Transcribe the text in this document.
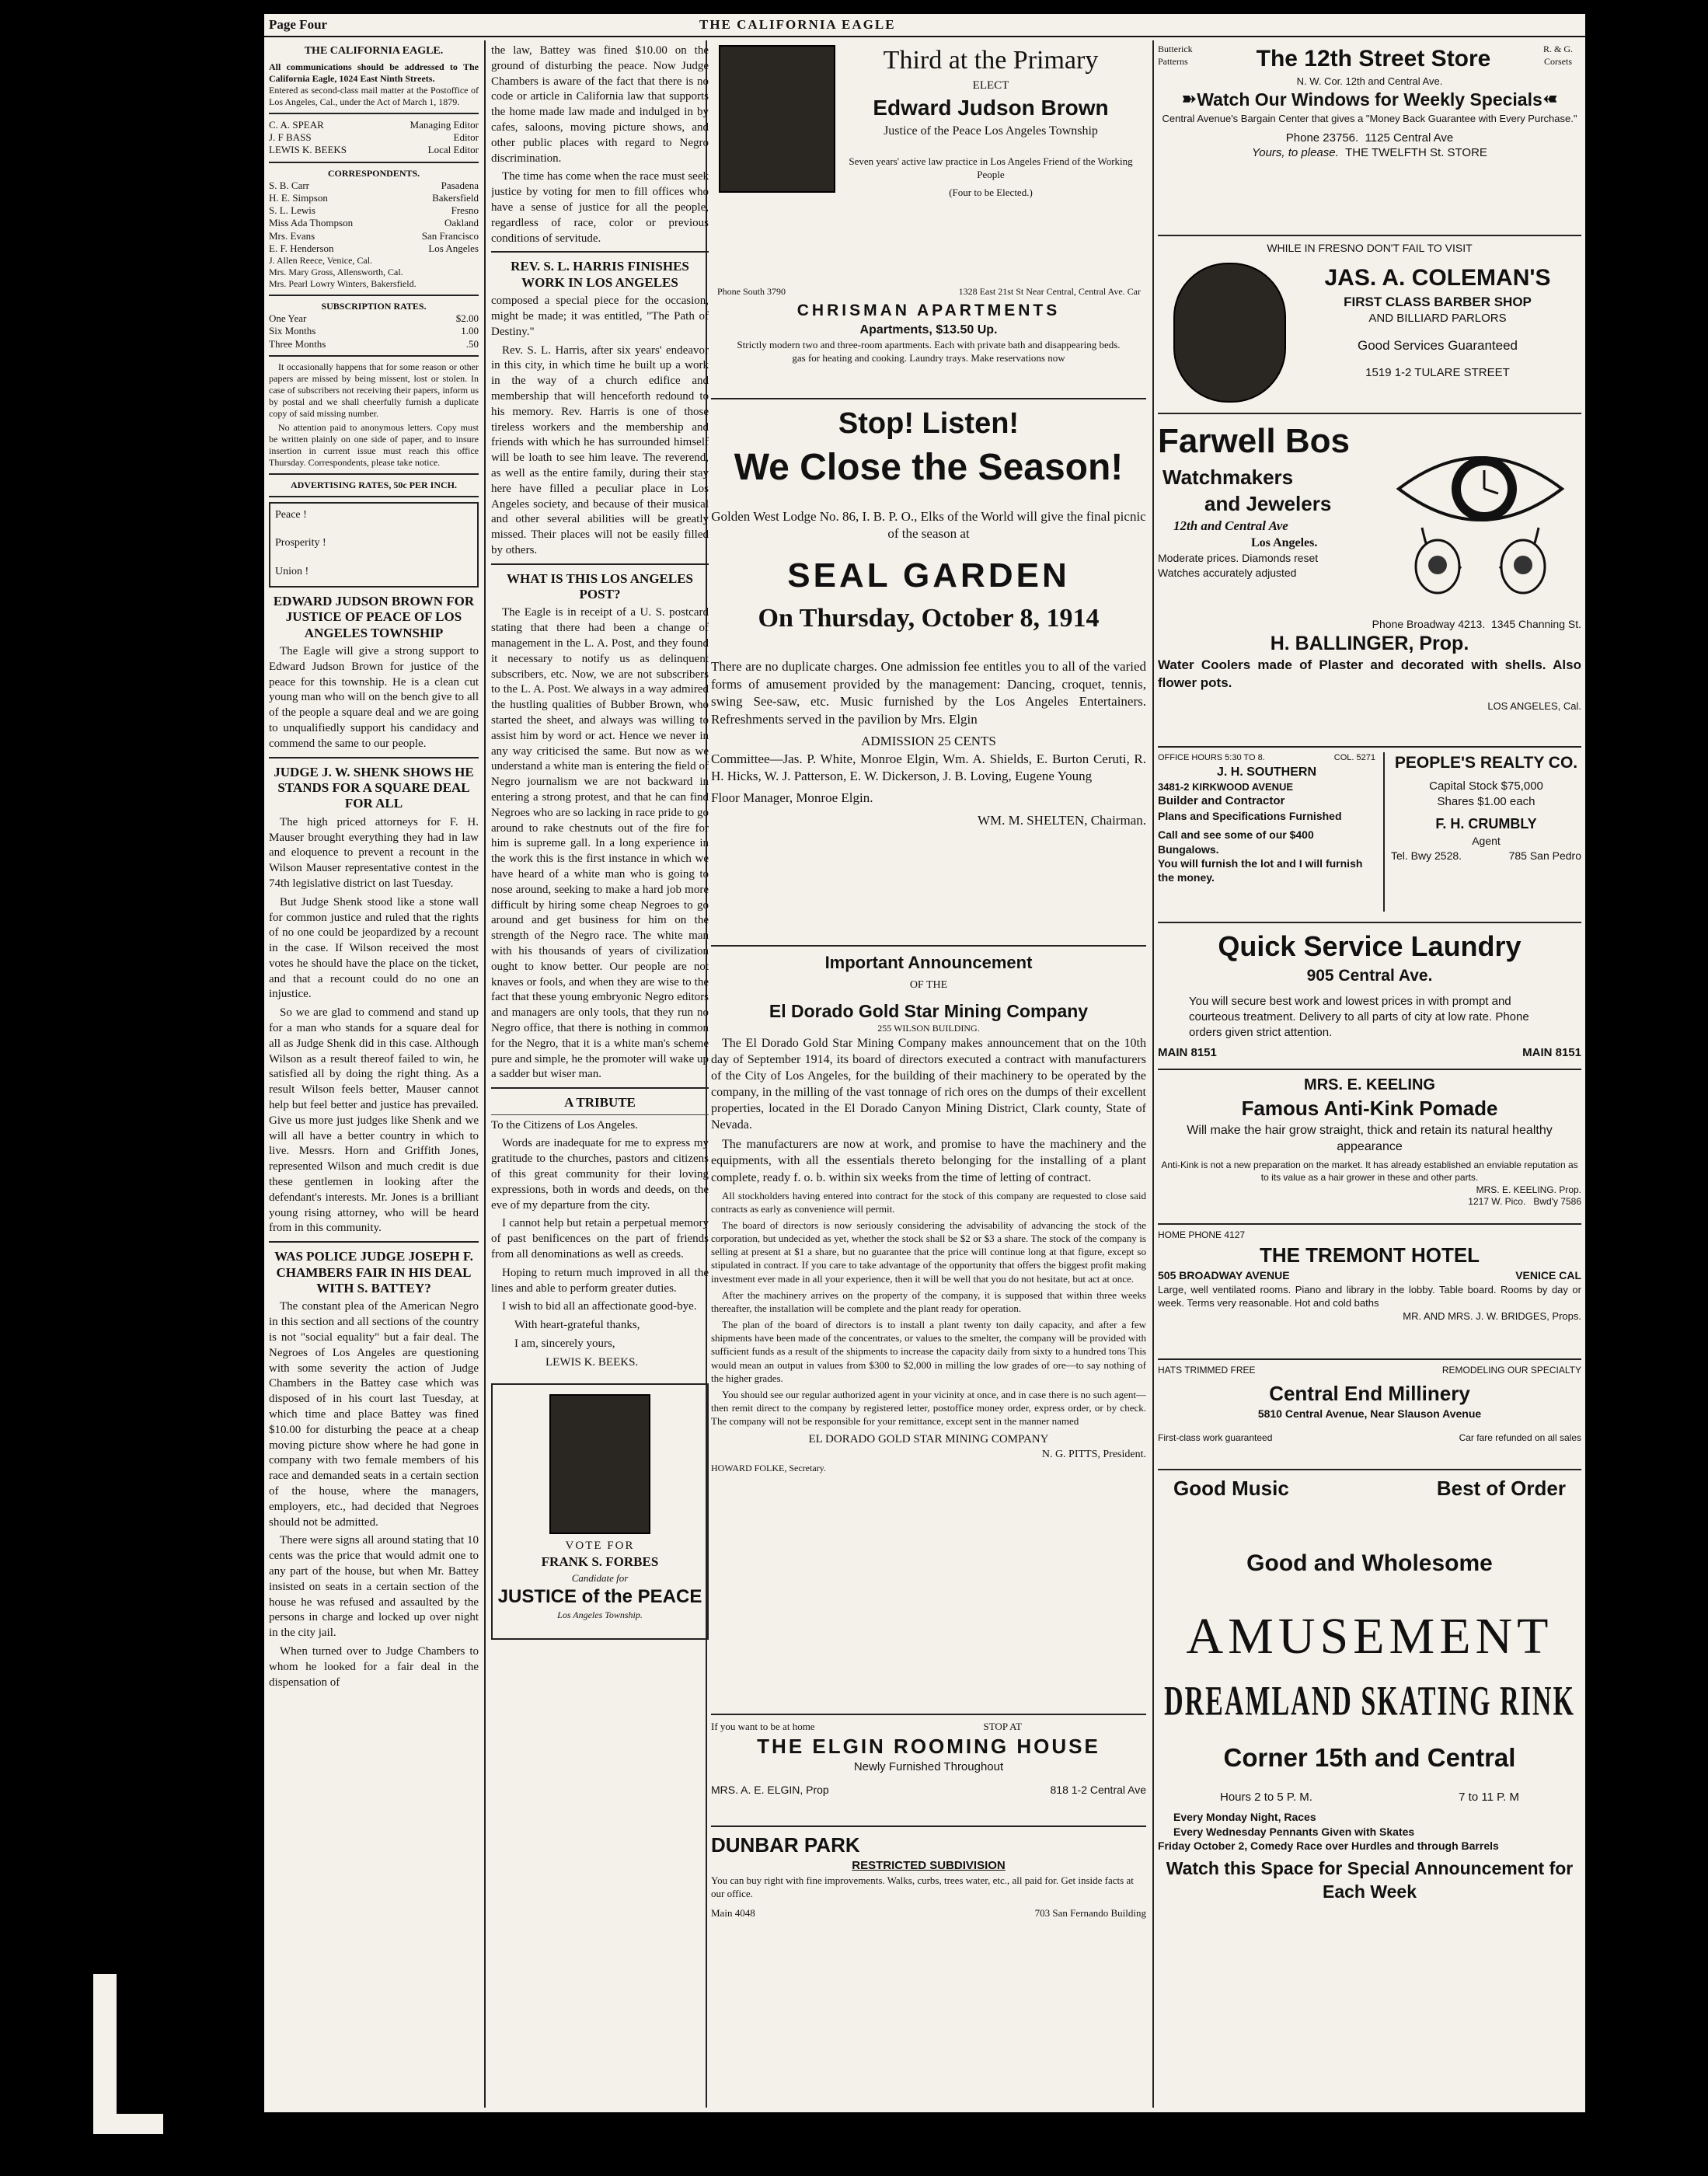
Page Four	THE CALIFORNIA EAGLE
THE CALIFORNIA EAGLE.
All communications should be addressed to The California Eagle, 1024 East Ninth Streets.
Entered as second-class mail matter at the Postoffice of Los Angeles, Cal., under the Act of March 1, 1879.
C. A. SPEAR	Managing Editor
J. F BASS	Editor
LEWIS K. BEEKS	Local Editor
CORRESPONDENTS.
S. B. Carr	Pasadena
H. E. Simpson	Bakersfield
S. L. Lewis	Fresno
Miss Ada Thompson	Oakland
Mrs. Evans	San Francisco
E. F. Henderson	Los Angeles
J. Allen Reece, Venice, Cal.
Mrs. Mary Gross, Allensworth, Cal.
Mrs. Pearl Lowry Winters, Bakersfield.
SUBSCRIPTION RATES.
One Year	$2.00
Six Months	1.00
Three Months	.50
It occasionally happens that for some reason or other papers are missed by being missent, lost or stolen. In case of subscribers not receiving their papers, inform us by postal and we shall cheerfully furnish a duplicate copy of said missing number.
No attention paid to anonymous letters. Copy must be written plainly on one side of paper, and to insure insertion in current issue must reach this office Thursday. Correspondents, please take notice.
ADVERTISING RATES, 50c PER INCH.
Peace !
Prosperity !
Union !
EDWARD JUDSON BROWN FOR JUSTICE OF PEACE OF LOS ANGELES TOWNSHIP

The Eagle will give a strong support to Edward Judson Brown for justice of the peace for this township. He is a clean cut young man who will on the bench give to all of the people a square deal and we are going to unqualifiedly support his candidacy and commend the same to our people.

JUDGE J. W. SHENK SHOWS HE STANDS FOR A SQUARE DEAL FOR ALL

The high priced attorneys for F. H. Mauser brought everything they had in law and eloquence to prevent a recount in the Wilson Mauser representative contest in the 74th legislative district on last Tuesday.

But Judge Shenk stood like a stone wall for common justice and ruled that the rights of no one could be jeopardized by a recount in the case. If Wilson received the most votes he should have the place on the ticket, and that a recount could do no one an injustice.

So we are glad to commend and stand up for a man who stands for a square deal for all as Judge Shenk did in this case. Although Wilson as a result thereof failed to win, he satisfied all by doing the right thing. As a result Wilson feels better, Mauser cannot help but feel better and justice has prevailed. Give us more just judges like Shenk and we will all have a better country in which to live. Messrs. Horn and Griffith Jones, represented Wilson and much credit is due these gentlemen in looking after the defendant's interests. Mr. Jones is a brilliant young rising attorney, who will be heard from in this community.

WAS POLICE JUDGE JOSEPH F. CHAMBERS FAIR IN HIS DEAL WITH S. BATTEY?

The constant plea of the American Negro in this section and all sections of the country is not "social equality" but a fair deal. The Negroes of Los Angeles are questioning with some severity the action of Judge Chambers in the Battey case which was disposed of in his court last Tuesday, at which time and place Battey was fined $10.00 for disturbing the peace at a cheap moving picture show where he had gone in company with two female members of his race and demanded seats in a certain section of the house, where the managers, employers, etc., had decided that Negroes should not be admitted.

There were signs all around stating that 10 cents was the price that would admit one to any part of the house, but when Mr. Battey insisted on seats in a certain section of the house he was refused and assaulted by the persons in charge and locked up over night in the city jail.

When turned over to Judge Chambers to whom he looked for a fair deal in the dispensation of

the law, Battey was fined $10.00 on the ground of disturbing the peace. Now Judge Chambers is aware of the fact that there is no code or article in California law that supports the home made law made and indulged in by cafes, saloons, moving picture shows, and other public places with regard to Negro discrimination.

The time has come when the race must seek justice by voting for men to fill offices who have a sense of justice for all the people, regardless of race, color or previous conditions of servitude.

REV. S. L. HARRIS FINISHES WORK IN LOS ANGELES

composed a special piece for the occasion, might be made; it was entitled, "The Path of Destiny."

Rev. S. L. Harris, after six years' endeavor in this city, in which time he built up a work in the way of a church edifice and membership that will henceforth redound to his memory. Rev. Harris is one of those tireless workers and the membership and friends with which he has surrounded himself will be loath to see him leave. The reverend, as well as the entire family, during their stay here have filled a peculiar place in Los Angeles society, and because of their musical and other several abilities will be greatly missed. Their places will not be easily filled by others.

WHAT IS THIS LOS ANGELES POST?

The Eagle is in receipt of a U. S. postcard stating that there had been a change of management in the L. A. Post, and they found it necessary to notify us as delinquent subscribers, etc. Now, we are not subscribers to the L. A. Post. We always in a way admired the hustling qualities of Bubber Brown, who started the sheet, and always was willing to assist him by word or act. Hence we never in any way criticised the same. But now as we understand a white man is entering the field of Negro journalism we are not backward in entering a strong protest, and that he can find Negroes who are so lacking in race pride to go around to rake chestnuts out of the fire for him is supreme gall. In a long experience in the work this is the first instance in which we have heard of a white man who is going to nose around, seeking to make a hard job more difficult by hiring some cheap Negroes to go around and get business for him on the strength of the Negro race. The white man with his thousands of years of civilization ought to know better. Our people are not knaves or fools, and when they are wise to the fact that these young embryonic Negro editors and managers are only tools, that they run no Negro office, that there is nothing in common for the Negro, that it is a white man's scheme pure and simple, he the promoter will wake up a sadder but wiser man.

A TRIBUTE

To the Citizens of Los Angeles.

Words are inadequate for me to express my gratitude to the churches, pastors and citizens of this great community for their loving expressions, both in words and deeds, on the eve of my departure from the city.

I cannot help but retain a perpetual memory of past benificences on the part of friends from all denominations as well as creeds.

Hoping to return much improved in all the lines and able to perform greater duties.

I wish to bid all an affectionate good-bye.

With heart-grateful thanks,

I am, sincerely yours,

LEWIS K. BEEKS.

VOTE FOR
FRANK S. FORBES
Candidate for
JUSTICE of the PEACE
Los Angeles Township.
Third at the Primary
ELECT
Edward Judson Brown
Justice of the Peace Los Angeles Township
Seven years' active law practice in Los Angeles Friend of the Working People
(Four to be Elected.)
Phone South 3790	1328 East 21st St Near Central, Central Ave. Car
CHRISMAN APARTMENTS
Apartments, $13.50 Up.
Strictly modern two and three-room apartments. Each with private bath and disappearing beds.
gas for heating and cooking. Laundry trays. Make reservations now
Stop! Listen!
We Close the Season!
Golden West Lodge No. 86, I. B. P. O., Elks of the World will give the final picnic of the season at
SEAL GARDEN
On Thursday, October 8, 1914
There are no duplicate charges. One admission fee entitles you to all of the varied forms of amusement provided by the management: Dancing, croquet, tennis, swing See-saw, etc. Music furnished by the Los Angeles Entertainers. Refreshments served in the pavilion by Mrs. Elgin
ADMISSION 25 CENTS
Committee—Jas. P. White, Monroe Elgin, Wm. A. Shields, E. Burton Ceruti, R. H. Hicks, W. J. Patterson, E. W. Dickerson, J. B. Loving, Eugene Young
Floor Manager, Monroe Elgin.
WM. M. SHELTEN, Chairman.
Important Announcement
OF THE
El Dorado Gold Star Mining Company
255 WILSON BUILDING.

The El Dorado Gold Star Mining Company makes announcement that on the 10th day of September 1914, its board of directors executed a contract with manufacturers of the City of Los Angeles, for the building of their machinery to be operated by the company, in the milling of the vast tonnage of rich ores on the dumps of their excellent properties, located in the El Dorado Canyon Mining District, Clark county, State of Nevada.

The manufacturers are now at work, and promise to have the machinery and the equipments, with all the essentials thereto belonging for the installing of a plant complete, ready f. o. b. within six weeks from the time of letting of contract.

All stockholders having entered into contract for the stock of this company are requested to close said contracts as early as convenience will permit.

The board of directors is now seriously considering the advisability of advancing the stock of the corporation, but undecided as yet, whether the stock shall be $2 or $3 a share. The stock of the company is selling at present at $1 a share, but no guarantee that the price will continue long at that figure, except so stipulated in contract. If you care to take advantage of the opportunity that offers the biggest profit making investment ever made in all your experience, then it will be well that you do not hesitate, but act at once.

After the machinery arrives on the property of the company, it is supposed that within three weeks thereafter, the installation will be complete and the plant ready for operation.

The plan of the board of directors is to install a plant twenty ton daily capacity, and after a few shipments have been made of the concentrates, or values to the smelter, the company will be provided with sufficient funds as a result of the shipments to increase the capacity daily from sixty to a hundred tons This would mean an output in values from $300 to $2,000 in milling the low grades of ore—to say nothing of the higher grades.

You should see our regular authorized agent in your vicinity at once, and in case there is no such agent—then remit direct to the company by registered letter, postoffice money order, express order, or by check. The company will not be responsible for your remittance, except sent in the manner named

EL DORADO GOLD STAR MINING COMPANY
N. G. PITTS, President.
HOWARD FOLKE, Secretary.
If you want to be at home	STOP AT
THE ELGIN ROOMING HOUSE
Newly Furnished Throughout
MRS. A. E. ELGIN, Prop	818 1-2 Central Ave
DUNBAR PARK
RESTRICTED SUBDIVISION
You can buy right with fine improvements. Walks, curbs, trees water, etc., all paid for. Get inside facts at our office.
Main 4048	703 San Fernando Building
Butterick Patterns	The 12th Street Store	R. & G. Corsets
N. W. Cor. 12th and Central Ave.
➽ Watch Our Windows for Weekly Specials ➽
Central Avenue's Bargain Center that gives a "Money Back Guarantee with Every Purchase."
Phone 23756. 1125 Central Ave
Yours, to please. THE TWELFTH St. STORE
WHILE IN FRESNO DON'T FAIL TO VISIT
JAS. A. COLEMAN'S
FIRST CLASS BARBER SHOP
AND BILLIARD PARLORS
Good Services Guaranteed
1519 1-2 TULARE STREET
Farwell Bos
Watchmakers
and Jewelers
12th and Central Ave
Los Angeles.
Moderate prices. Diamonds reset
Watches accurately adjusted
Phone Broadway 4213. 1345 Channing St.
H. BALLINGER, Prop.
Water Coolers made of Plaster and decorated with shells. Also flower pots.
LOS ANGELES, Cal.
OFFICE HOURS 5:30 TO 8.	COL. 5271
J. H. SOUTHERN
3481-2 KIRKWOOD AVENUE
Builder and Contractor
Plans and Specifications Furnished
Call and see some of our $400 Bungalows.
You will furnish the lot and I will furnish the money.
PEOPLE'S REALTY CO.
Capital Stock $75,000
Shares $1.00 each
F. H. CRUMBLY
Agent
Tel. Bwy 2528.	785 San Pedro
Quick Service Laundry
905 Central Ave.
You will secure best work and lowest prices in with prompt and courteous treatment. Delivery to all parts of city at low rate. Phone orders given strict attention.
MAIN 8151	MAIN 8151
MRS. E. KEELING
Famous Anti-Kink Pomade
Will make the hair grow straight, thick and retain its natural healthy appearance
Anti-Kink is not a new preparation on the market. It has already established an enviable reputation as to its value as a hair grower in these and other parts.
MRS. E. KEELING. Prop.
1217 W. Pico. Bwd'y 7586
HOME PHONE 4127
THE TREMONT HOTEL
505 BROADWAY AVENUE	VENICE CAL
Large, well ventilated rooms. Piano and library in the lobby. Table board. Rooms by day or week. Terms very reasonable. Hot and cold baths
MR. AND MRS. J. W. BRIDGES, Props.
HATS TRIMMED FREE	REMODELING OUR SPECIALTY
Central End Millinery
5810 Central Avenue, Near Slauson Avenue
First-class work guaranteed	Car fare refunded on all sales
Good Music	Best of Order
Good and Wholesome
AMUSEMENT
DREAMLAND SKATING RINK
Corner 15th and Central
Hours 2 to 5 P. M.	7 to 11 P. M
Every Monday Night, Races
Every Wednesday Pennants Given with Skates
Friday October 2, Comedy Race over Hurdles and through Barrels
Watch this Space for Special Announcement for Each Week
